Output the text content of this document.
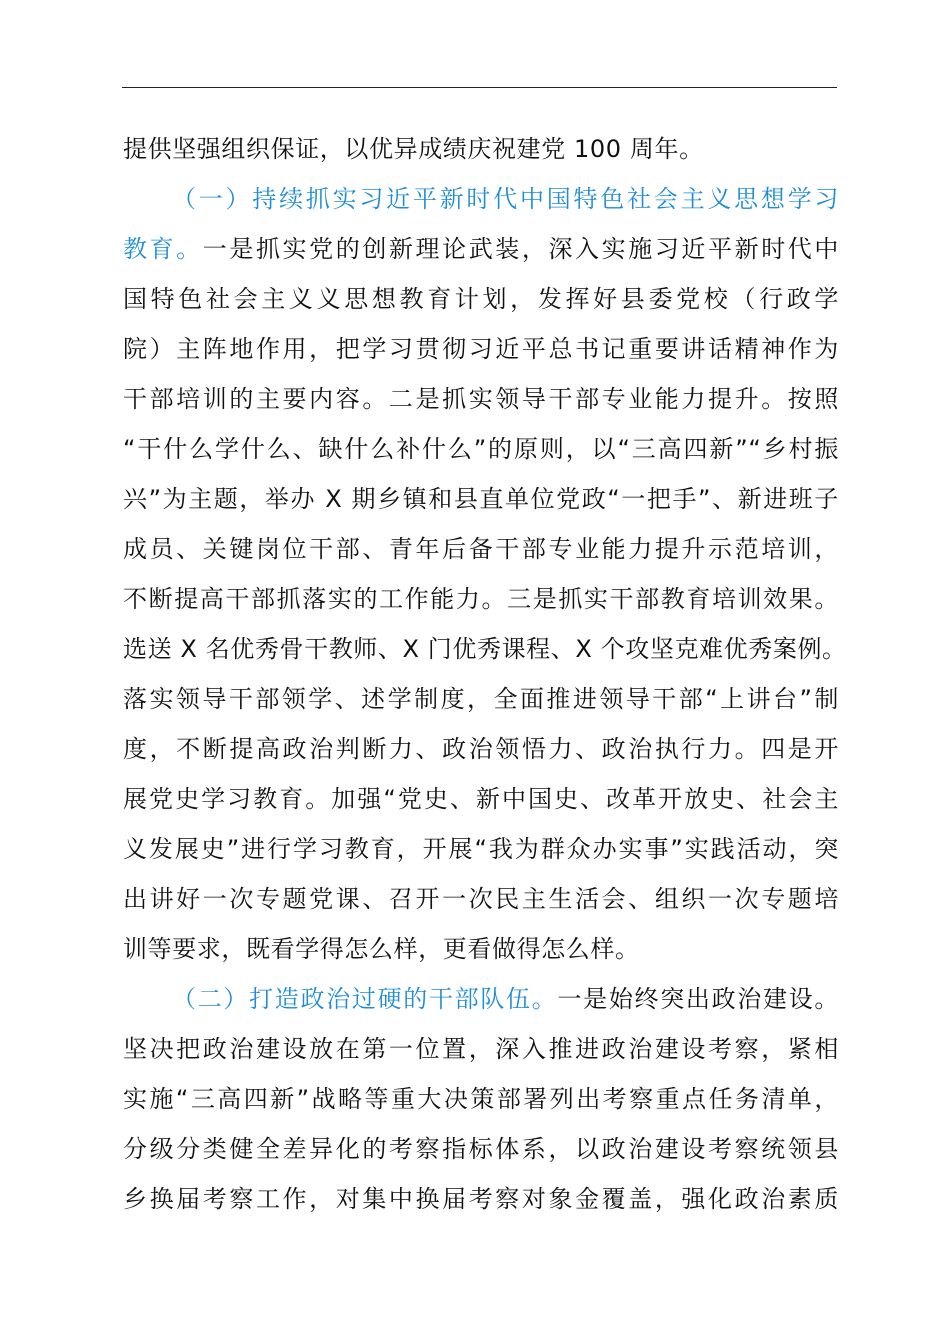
提供坚强组织保证，以优异成绩庆祝建党 100 周年。
（一）持续抓实习近平新时代中国特色社会主义思想学习
教育。一是抓实党的创新理论武装，深入实施习近平新时代中
国特色社会主义义思想教育计划，发挥好县委党校（行政学
院）主阵地作用，把学习贯彻习近平总书记重要讲话精神作为
干部培训的主要内容。二是抓实领导干部专业能力提升。按照
“干什么学什么、缺什么补什么”的原则，以“三高四新”“乡村振
兴”为主题，举办 X 期乡镇和县直单位党政“一把手”、新进班子
成员、关键岗位干部、青年后备干部专业能力提升示范培训，
不断提高干部抓落实的工作能力。三是抓实干部教育培训效果。
选送 X 名优秀骨干教师、X 门优秀课程、X 个攻坚克难优秀案例。
落实领导干部领学、述学制度，全面推进领导干部“上讲台”制
度，不断提高政治判断力、政治领悟力、政治执行力。四是开
展党史学习教育。加强“党史、新中国史、改革开放史、社会主
义发展史”进行学习教育，开展“我为群众办实事”实践活动，突
出讲好一次专题党课、召开一次民主生活会、组织一次专题培
训等要求，既看学得怎么样，更看做得怎么样。
（二）打造政治过硬的干部队伍。一是始终突出政治建设。
坚决把政治建设放在第一位置，深入推进政治建设考察，紧相
实施“三高四新”战略等重大决策部署列出考察重点任务清单，
分级分类健全差异化的考察指标体系，以政治建设考察统领县
乡换届考察工作，对集中换届考察对象金覆盖，强化政治素质
